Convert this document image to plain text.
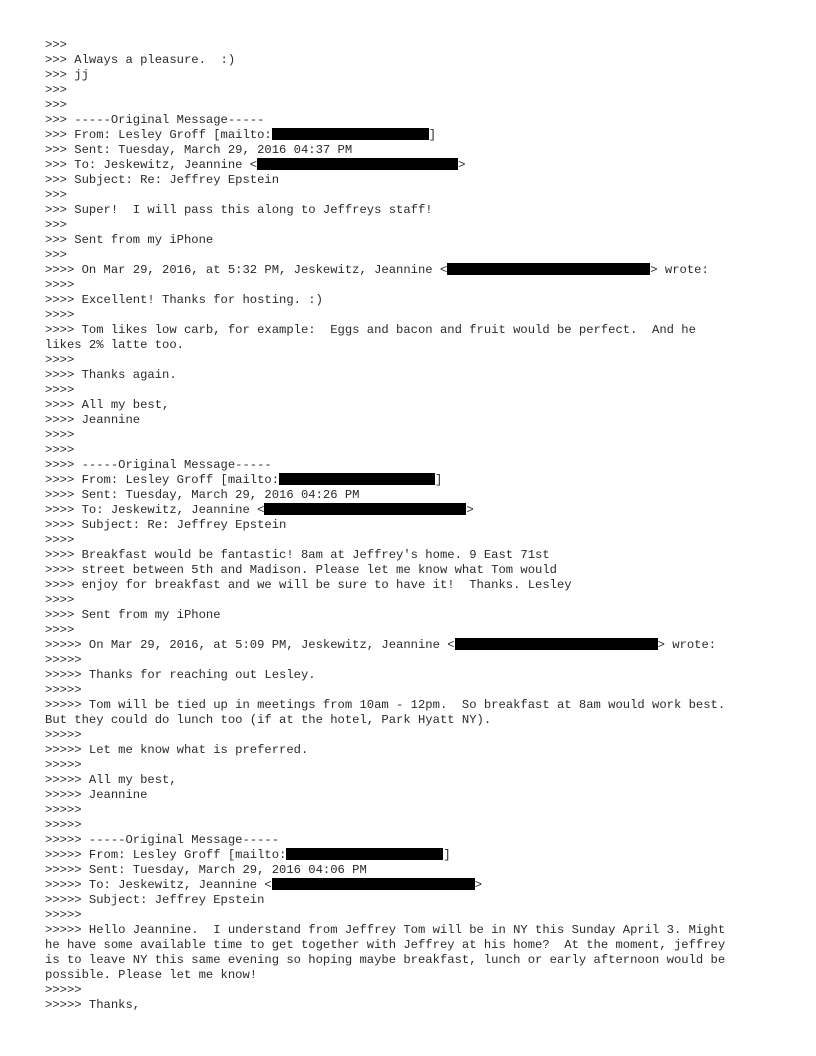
>>>
>>> Always a pleasure.  :)
>>> jj
>>>
>>>
>>> -----Original Message-----
>>> From: Lesley Groff [mailto:	]
>>> Sent: Tuesday, March 29, 2016 04:37 PM
>>> To: Jeskewitz, Jeannine <	>
>>> Subject: Re: Jeffrey Epstein
>>>
>>> Super!  I will pass this along to Jeffreys staff!
>>>
>>> Sent from my iPhone
>>>
>>>> On Mar 29, 2016, at 5:32 PM, Jeskewitz, Jeannine <	> wrote:
>>>>
>>>> Excellent! Thanks for hosting. :)
>>>>
>>>> Tom likes low carb, for example:  Eggs and bacon and fruit would be perfect.  And he
likes 2% latte too.
>>>>
>>>> Thanks again.
>>>>
>>>> All my best,
>>>> Jeannine
>>>>
>>>>
>>>> -----Original Message-----
>>>> From: Lesley Groff [mailto:	]
>>>> Sent: Tuesday, March 29, 2016 04:26 PM
>>>> To: Jeskewitz, Jeannine <	>
>>>> Subject: Re: Jeffrey Epstein
>>>>
>>>> Breakfast would be fantastic! 8am at Jeffrey's home. 9 East 71st
>>>> street between 5th and Madison. Please let me know what Tom would
>>>> enjoy for breakfast and we will be sure to have it!  Thanks. Lesley
>>>>
>>>> Sent from my iPhone
>>>>
>>>>> On Mar 29, 2016, at 5:09 PM, Jeskewitz, Jeannine <	> wrote:
>>>>>
>>>>> Thanks for reaching out Lesley.
>>>>>
>>>>> Tom will be tied up in meetings from 10am - 12pm.  So breakfast at 8am would work best.
But they could do lunch too (if at the hotel, Park Hyatt NY).
>>>>>
>>>>> Let me know what is preferred.
>>>>>
>>>>> All my best,
>>>>> Jeannine
>>>>>
>>>>>
>>>>> -----Original Message-----
>>>>> From: Lesley Groff [mailto:	]
>>>>> Sent: Tuesday, March 29, 2016 04:06 PM
>>>>> To: Jeskewitz, Jeannine <	>
>>>>> Subject: Jeffrey Epstein
>>>>>
>>>>> Hello Jeannine.  I understand from Jeffrey Tom will be in NY this Sunday April 3. Might
he have some available time to get together with Jeffrey at his home?  At the moment, jeffrey
is to leave NY this same evening so hoping maybe breakfast, lunch or early afternoon would be
possible. Please let me know!
>>>>>
>>>>> Thanks,
